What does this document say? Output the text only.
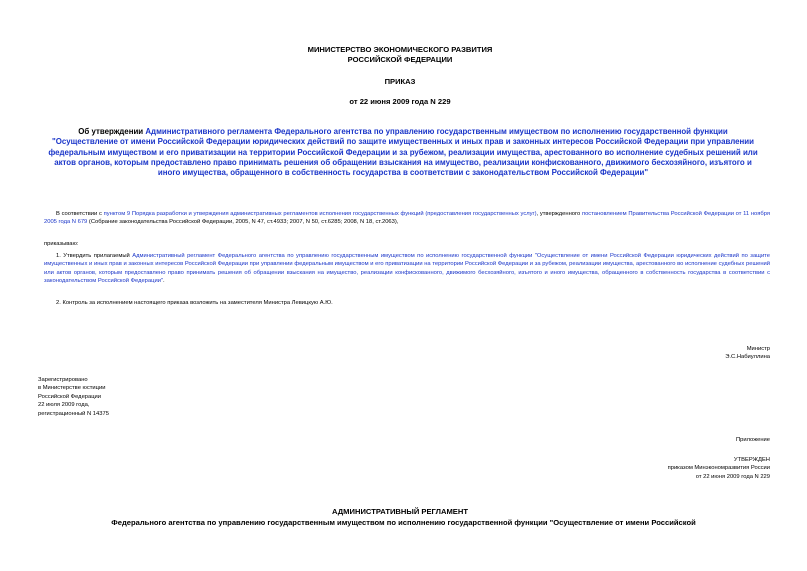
МИНИСТЕРСТВО ЭКОНОМИЧЕСКОГО РАЗВИТИЯ
РОССИЙСКОЙ ФЕДЕРАЦИИ
ПРИКАЗ
от 22 июня 2009 года N 229
Об утверждении Административного регламента Федерального агентства по управлению государственным имуществом по исполнению государственной функции "Осуществление от имени Российской Федерации юридических действий по защите имущественных и иных прав и законных интересов Российской Федерации при управлении федеральным имуществом и его приватизации на территории Российской Федерации и за рубежом, реализации имущества, арестованного во исполнение судебных решений или актов органов, которым предоставлено право принимать решения об обращении взыскания на имущество, реализации конфискованного, движимого бесхозяйного, изъятого и иного имущества, обращенного в собственность государства в соответствии с законодательством Российской Федерации"
В соответствии с пунктом 9 Порядка разработки и утверждения административных регламентов исполнения государственных функций (предоставления государственных услуг), утвержденного постановлением Правительства Российской Федерации от 11 ноября 2005 года N 679 (Собрание законодательства Российской Федерации, 2005, N 47, ст.4933; 2007, N 50, ст.6285; 2008, N 18, ст.2063),
приказываю:
1. Утвердить прилагаемый Административный регламент Федерального агентства по управлению государственным имуществом по исполнению государственной функции "Осуществление от имени Российской Федерации юридических действий по защите имущественных и иных прав и законных интересов Российской Федерации при управлении федеральным имуществом и его приватизации на территории Российской Федерации и за рубежом, реализации имущества, арестованного во исполнение судебных решений или актов органов, которым предоставлено право принимать решения об обращении взыскания на имущество, реализации конфискованного, движимого бесхозяйного, изъятого и иного имущества, обращенного в собственность государства в соответствии с законодательством Российской Федерации".
2. Контроль за исполнением настоящего приказа возложить на заместителя Министра Левицкую А.Ю.
Министр
Э.С.Набиуллина
Зарегистрировано
в Министерстве юстиции
Российской Федерации
22 июля 2009 года,
регистрационный N 14375
Приложение
УТВЕРЖДЕН
приказом Минэкономразвития России
от 22 июня 2009 года N 229
АДМИНИСТРАТИВНЫЙ РЕГЛАМЕНТ
Федерального агентства по управлению государственным имуществом по исполнению государственной функции "Осуществление от имени Российской
